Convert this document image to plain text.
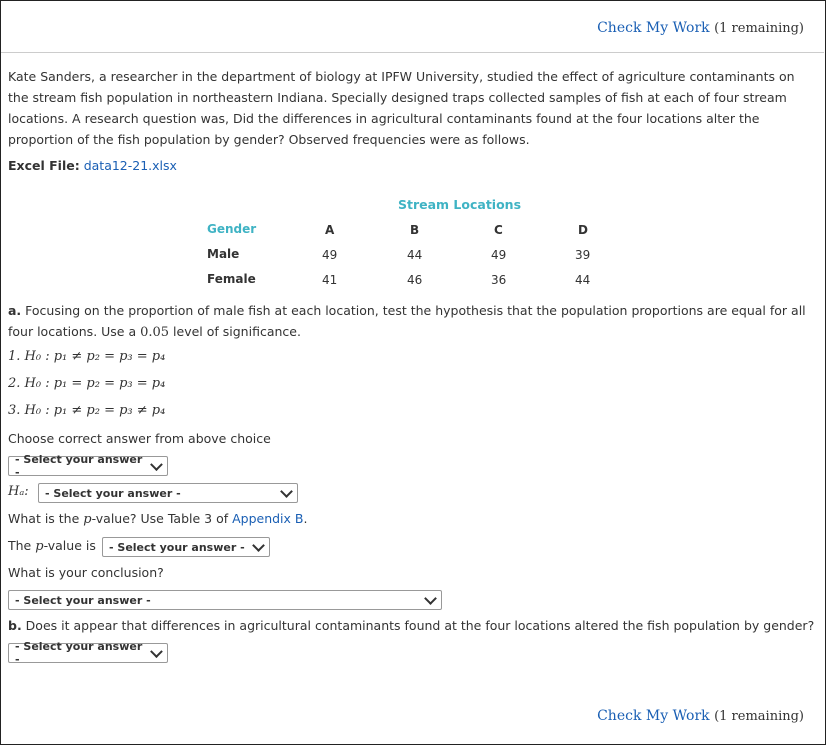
Check My Work (1 remaining)

Kate Sanders, a researcher in the department of biology at IPFW University, studied the effect of agriculture contaminants on the stream fish population in northeastern Indiana. Specially designed traps collected samples of fish at each of four stream locations. A research question was, Did the differences in agricultural contaminants found at the four locations alter the proportion of the fish population by gender? Observed frequencies were as follows.

Excel File: data12-21.xlsx
Stream Locations
Gender	A	B	C	D
Male	49	44	49	39
Female	41	46	36	44
a. Focusing on the proportion of male fish at each location, test the hypothesis that the population proportions are equal for all four locations. Use a 0.05 level of significance.
1. H₀ : p₁ ≠ p₂ = p₃ = p₄
2. H₀ : p₁ = p₂ = p₃ = p₄
3. H₀ : p₁ ≠ p₂ = p₃ ≠ p₄
Choose correct answer from above choice
- Select your answer -
Hₐ: - Select your answer -
What is the p-value? Use Table 3 of Appendix B.
The p-value is - Select your answer -
What is your conclusion?
- Select your answer -
b. Does it appear that differences in agricultural contaminants found at the four locations altered the fish population by gender?
- Select your answer -
Check My Work (1 remaining)
